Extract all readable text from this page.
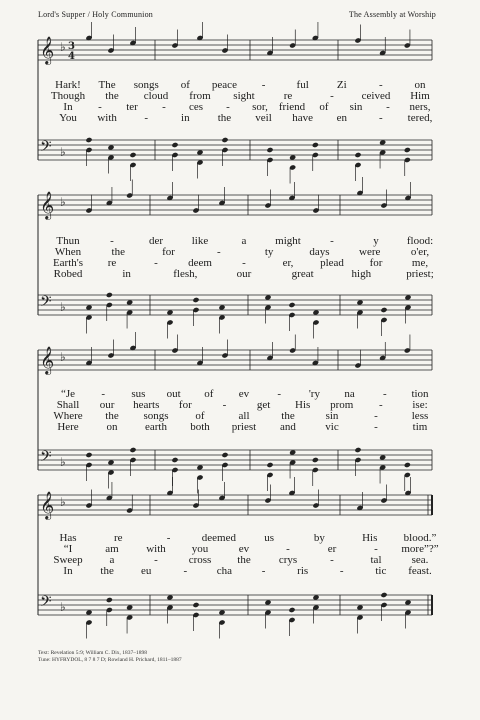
Lord's Supper / Holy Communion	The Assembly at Worship
𝄞
𝄢
♭
♭
3
4
𝄞
𝄢
♭
♭
𝄞
𝄢
♭
♭
𝄞
𝄢
♭
♭
Hark! The songs of peace -	ful	Zi	-	on
Though the cloud from sight	re	-	ceived Him
In - ter - ces - sor, friend of sin - ners,
You with -	in	the veil have en	- tered,
Thun	-	der	like	a	might	-	y	flood:
When	the	for	-	ty	days	were	o'er,
Earth's re	-	deem	-	er, plead for	me,
Robed	in	flesh,	our	great	high	priest;
“Je - sus out of ev	-	'ry na	- tion
Shall our hearts for	-	get His prom -	ise:
Where the songs of	all	the	sin	-	less
Here	on	earth both priest and	vic	-	tim
Has	re	-	deemed	us	by	His blood.”
“I	am with you	ev	-	er	- more”?”
Sweep a	-	cross the	crys	-	tal	sea.
In	the eu	-	cha	-	ris	-	tic feast.
Text: Revelation 5:9; William C. Dix, 1837–1898
Tune: HYFRYDOL, 8 7 8 7 D; Rowland H. Prichard, 1811–1887
